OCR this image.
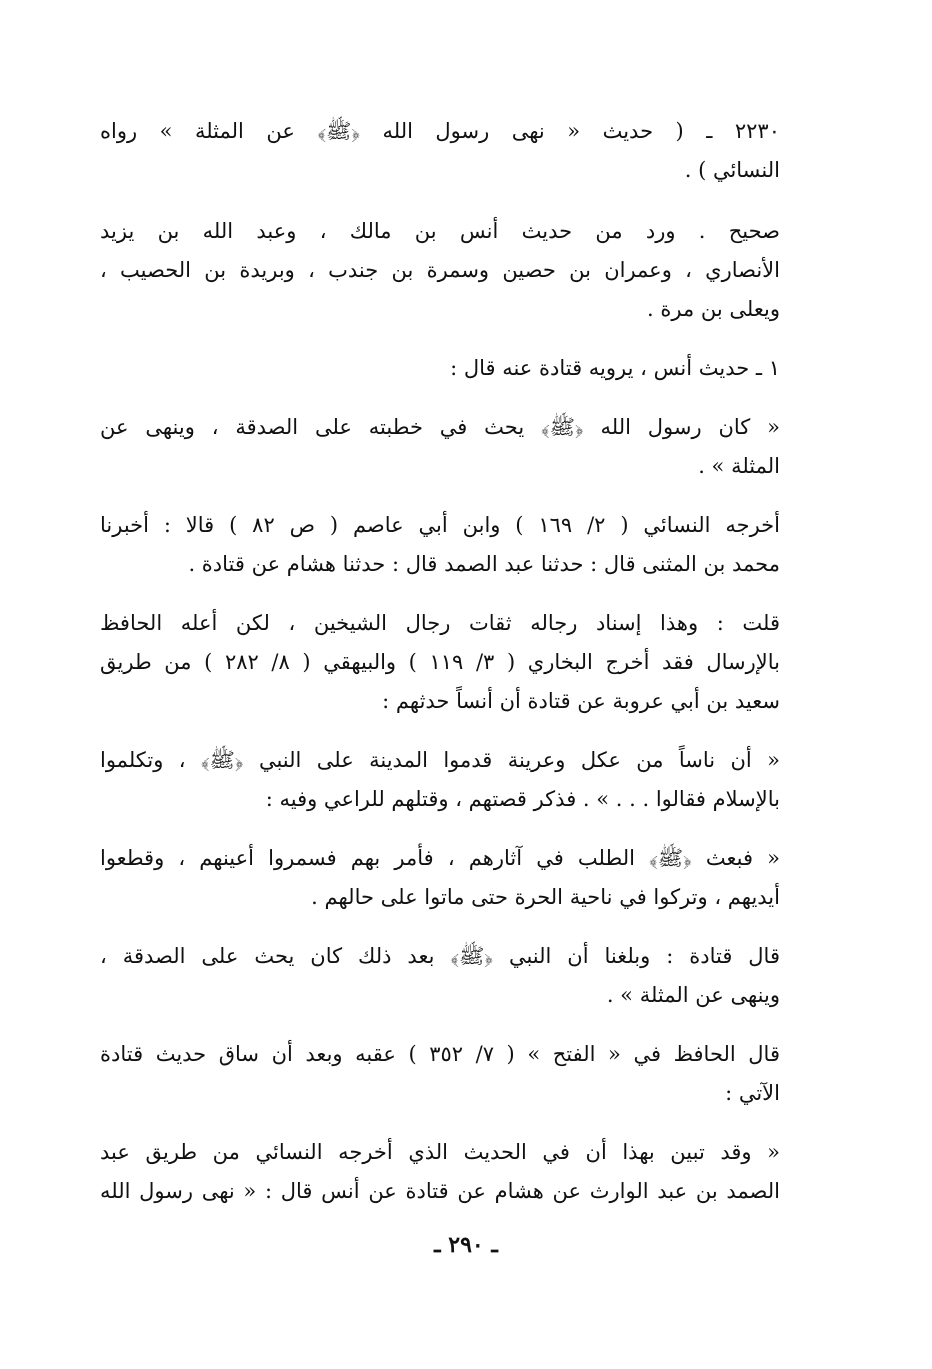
٢٢٣٠ ـ ( حديث « نهى رسول الله ﴿ﷺ﴾ عن المثلة » رواه
النسائي ) .
صحيح . ورد من حديث أنس بن مالك ، وعبد الله بن يزيد
الأنصاري ، وعمران بن حصين وسمرة بن جندب ، وبريدة بن الحصيب ،
ويعلى بن مرة .
١ ـ حديث أنس ، يرويه قتادة عنه قال :
« كان رسول الله ﴿ﷺ﴾ يحث في خطبته على الصدقة ، وينهى عن
المثلة » .
أخرجه النسائي ( ٢/ ١٦٩ ) وابن أبي عاصم ( ص ٨٢ ) قالا : أخبرنا
محمد بن المثنى قال : حدثنا عبد الصمد قال : حدثنا هشام عن قتادة .
قلت : وهذا إسناد رجاله ثقات رجال الشيخين ، لكن أعله الحافظ
بالإرسال فقد أخرج البخاري ( ٣/ ١١٩ ) والبيهقي ( ٨/ ٢٨٢ ) من طريق
سعيد بن أبي عروبة عن قتادة أن أنساً حدثهم :
« أن ناساً من عكل وعرينة قدموا المدينة على النبي ﴿ﷺ﴾ ، وتكلموا
بالإسلام فقالوا . . . » . فذكر قصتهم ، وقتلهم للراعي وفيه :
« فبعث ﴿ﷺ﴾ الطلب في آثارهم ، فأمر بهم فسمروا أعينهم ، وقطعوا
أيديهم ، وتركوا في ناحية الحرة حتى ماتوا على حالهم .
قال قتادة : وبلغنا أن النبي ﴿ﷺ﴾ بعد ذلك كان يحث على الصدقة ،
وينهى عن المثلة » .
قال الحافظ في « الفتح » ( ٧/ ٣٥٢ ) عقبه وبعد أن ساق حديث قتادة
الآتي :
« وقد تبين بهذا أن في الحديث الذي أخرجه النسائي من طريق عبد
الصمد بن عبد الوارث عن هشام عن قتادة عن أنس قال : « نهى رسول الله
ـ ٢٩٠ ـ
